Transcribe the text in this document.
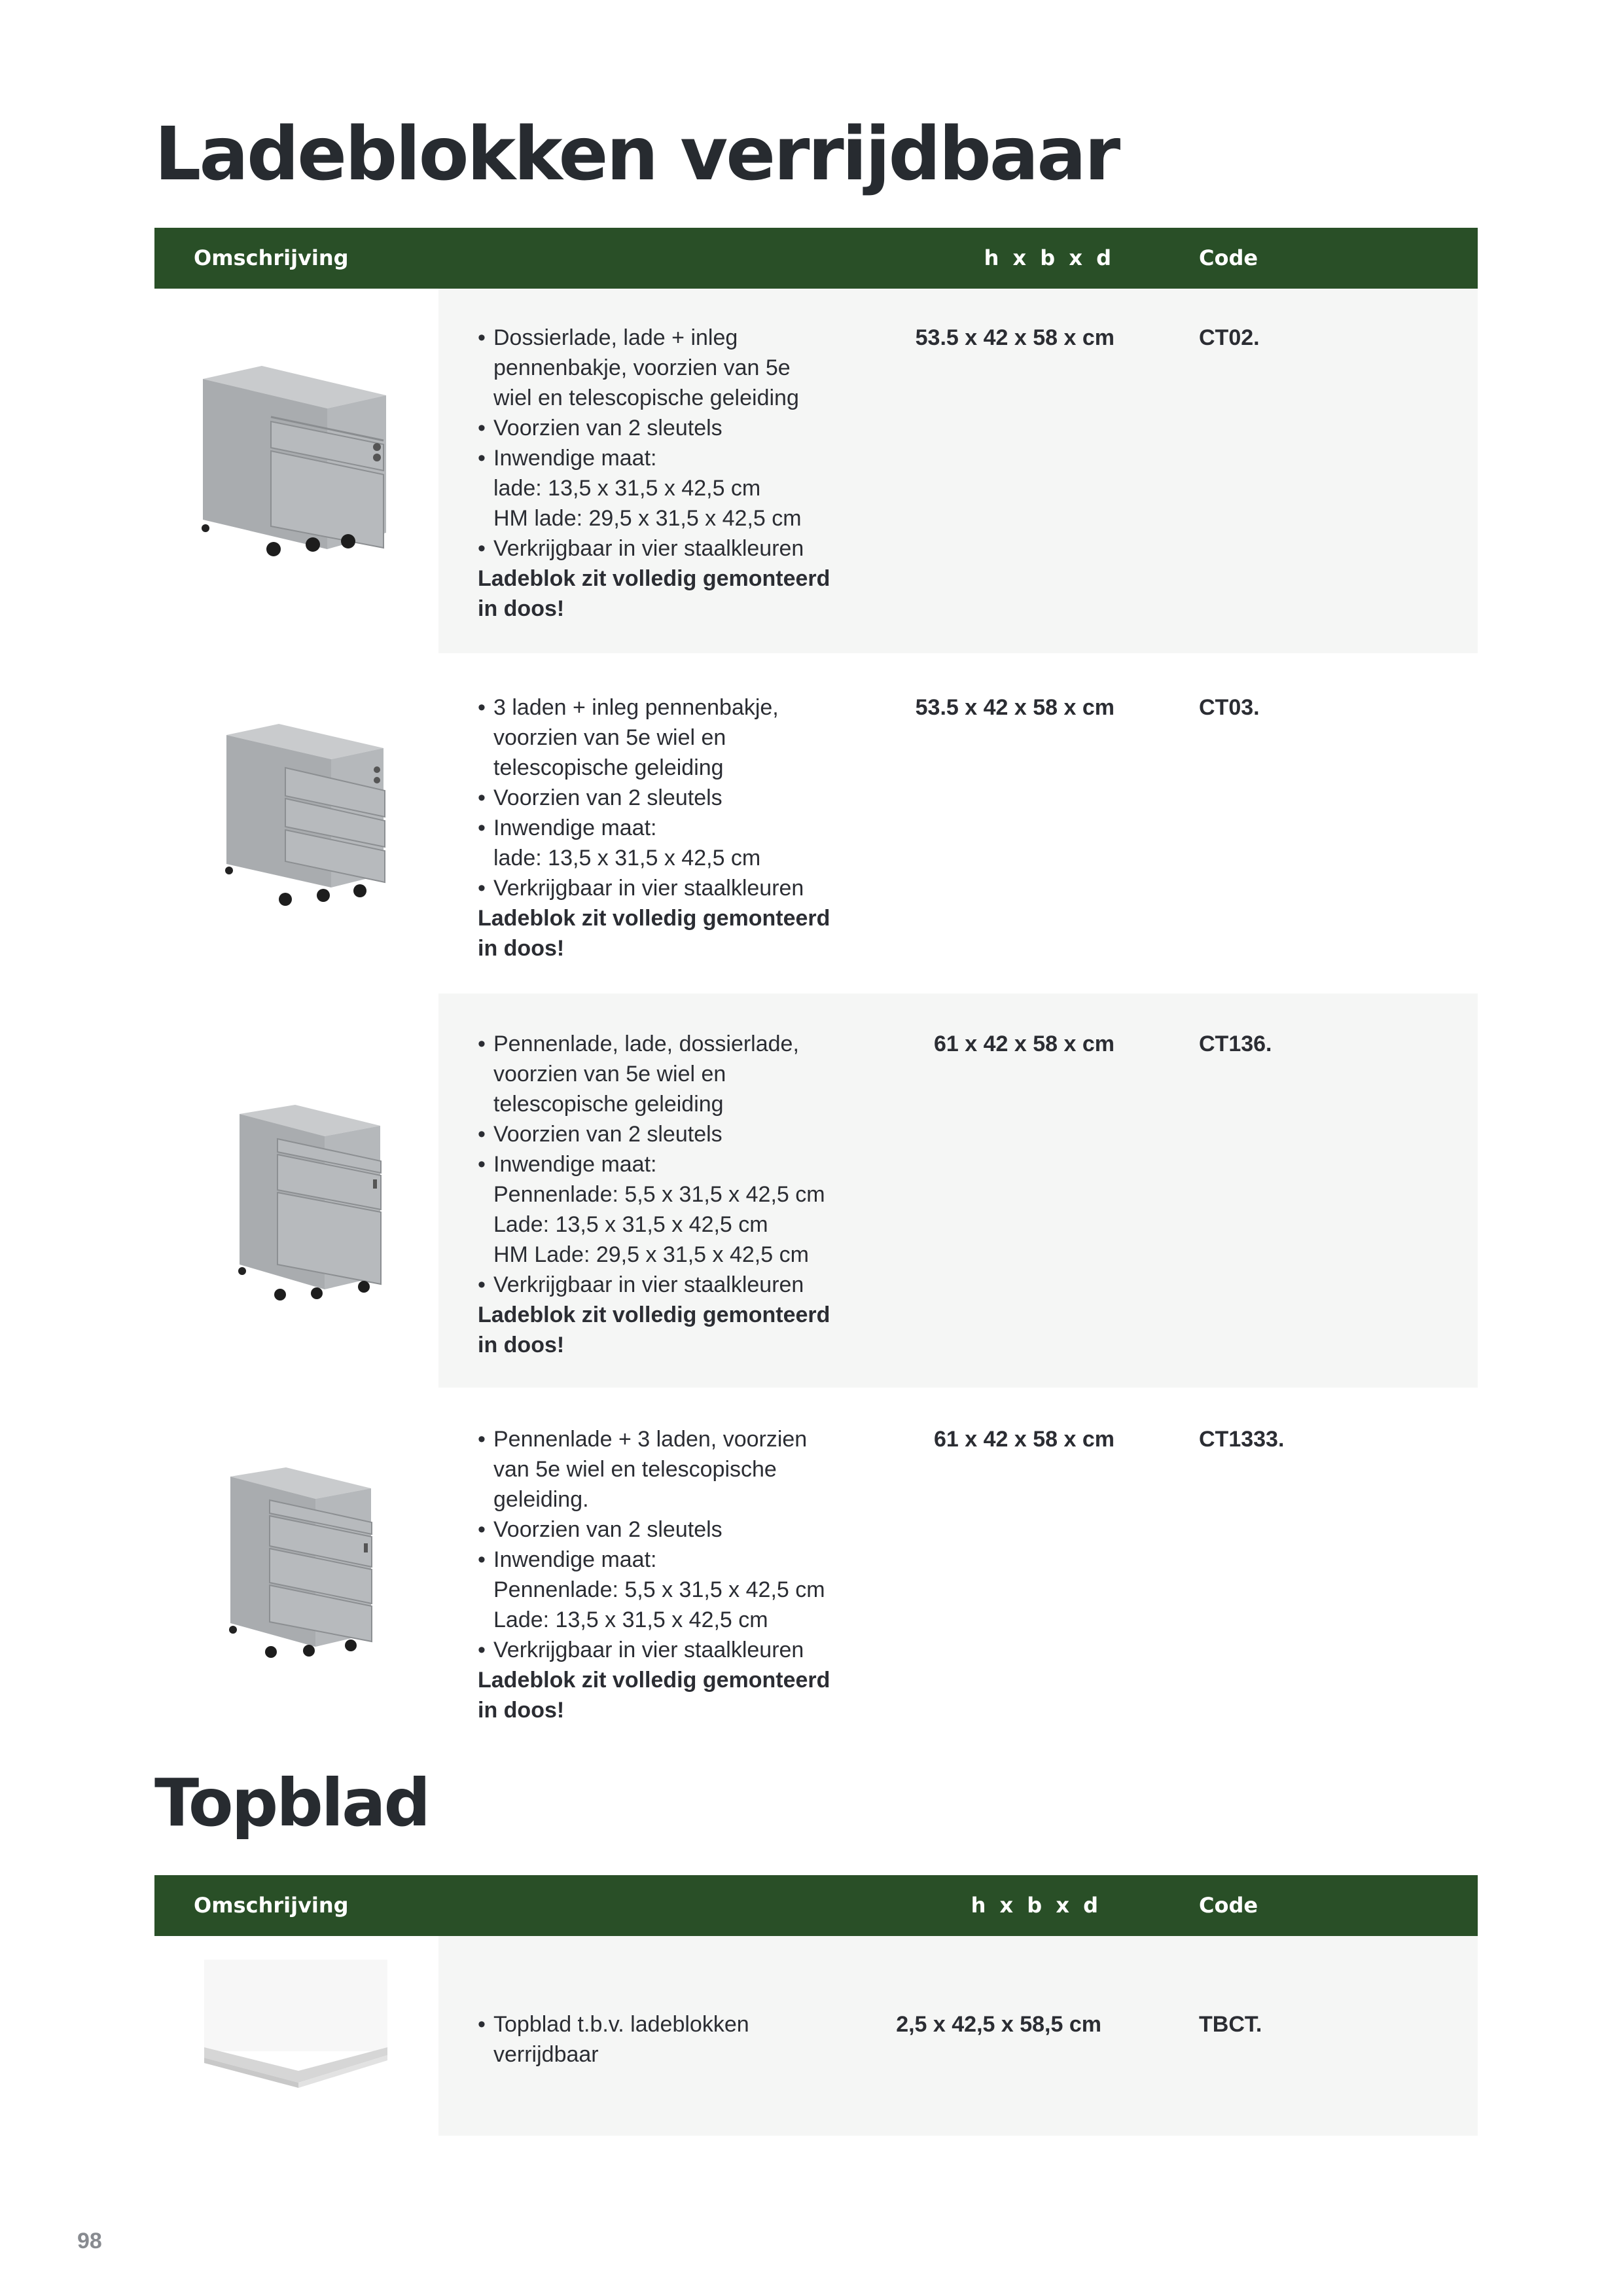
Ladeblokken verrijdbaar
Omschrijving	h x b x d	Code
• Dossierlade, lade + inleg
pennenbakje, voorzien van 5e
wiel en telescopische geleiding
• Voorzien van 2 sleutels
• Inwendige maat:
lade: 13,5 x 31,5 x 42,5 cm
HM lade: 29,5 x 31,5 x 42,5 cm
• Verkrijgbaar in vier staalkleuren
Ladeblok zit volledig gemonteerd
in doos!
53.5 x 42 x 58 x cm	CT02.
• 3 laden + inleg pennenbakje,
voorzien van 5e wiel en
telescopische geleiding
• Voorzien van 2 sleutels
• Inwendige maat:
lade: 13,5 x 31,5 x 42,5 cm
• Verkrijgbaar in vier staalkleuren
Ladeblok zit volledig gemonteerd
in doos!
53.5 x 42 x 58 x cm	CT03.
• Pennenlade, lade, dossierlade,
voorzien van 5e wiel en
telescopische geleiding
• Voorzien van 2 sleutels
• Inwendige maat:
Pennenlade: 5,5 x 31,5 x 42,5 cm
Lade: 13,5 x 31,5 x 42,5 cm
HM Lade: 29,5 x 31,5 x 42,5 cm
• Verkrijgbaar in vier staalkleuren
Ladeblok zit volledig gemonteerd
in doos!
61 x 42 x 58 x cm	CT136.
• Pennenlade + 3 laden, voorzien
van 5e wiel en telescopische
geleiding.
• Voorzien van 2 sleutels
• Inwendige maat:
Pennenlade: 5,5 x 31,5 x 42,5 cm
Lade: 13,5 x 31,5 x 42,5 cm
• Verkrijgbaar in vier staalkleuren
Ladeblok zit volledig gemonteerd
in doos!
61 x 42 x 58 x cm	CT1333.
Topblad
Omschrijving	h x b x d	Code
• Topblad t.b.v. ladeblokken
verrijdbaar
2,5 x 42,5 x 58,5 cm	TBCT.
98
